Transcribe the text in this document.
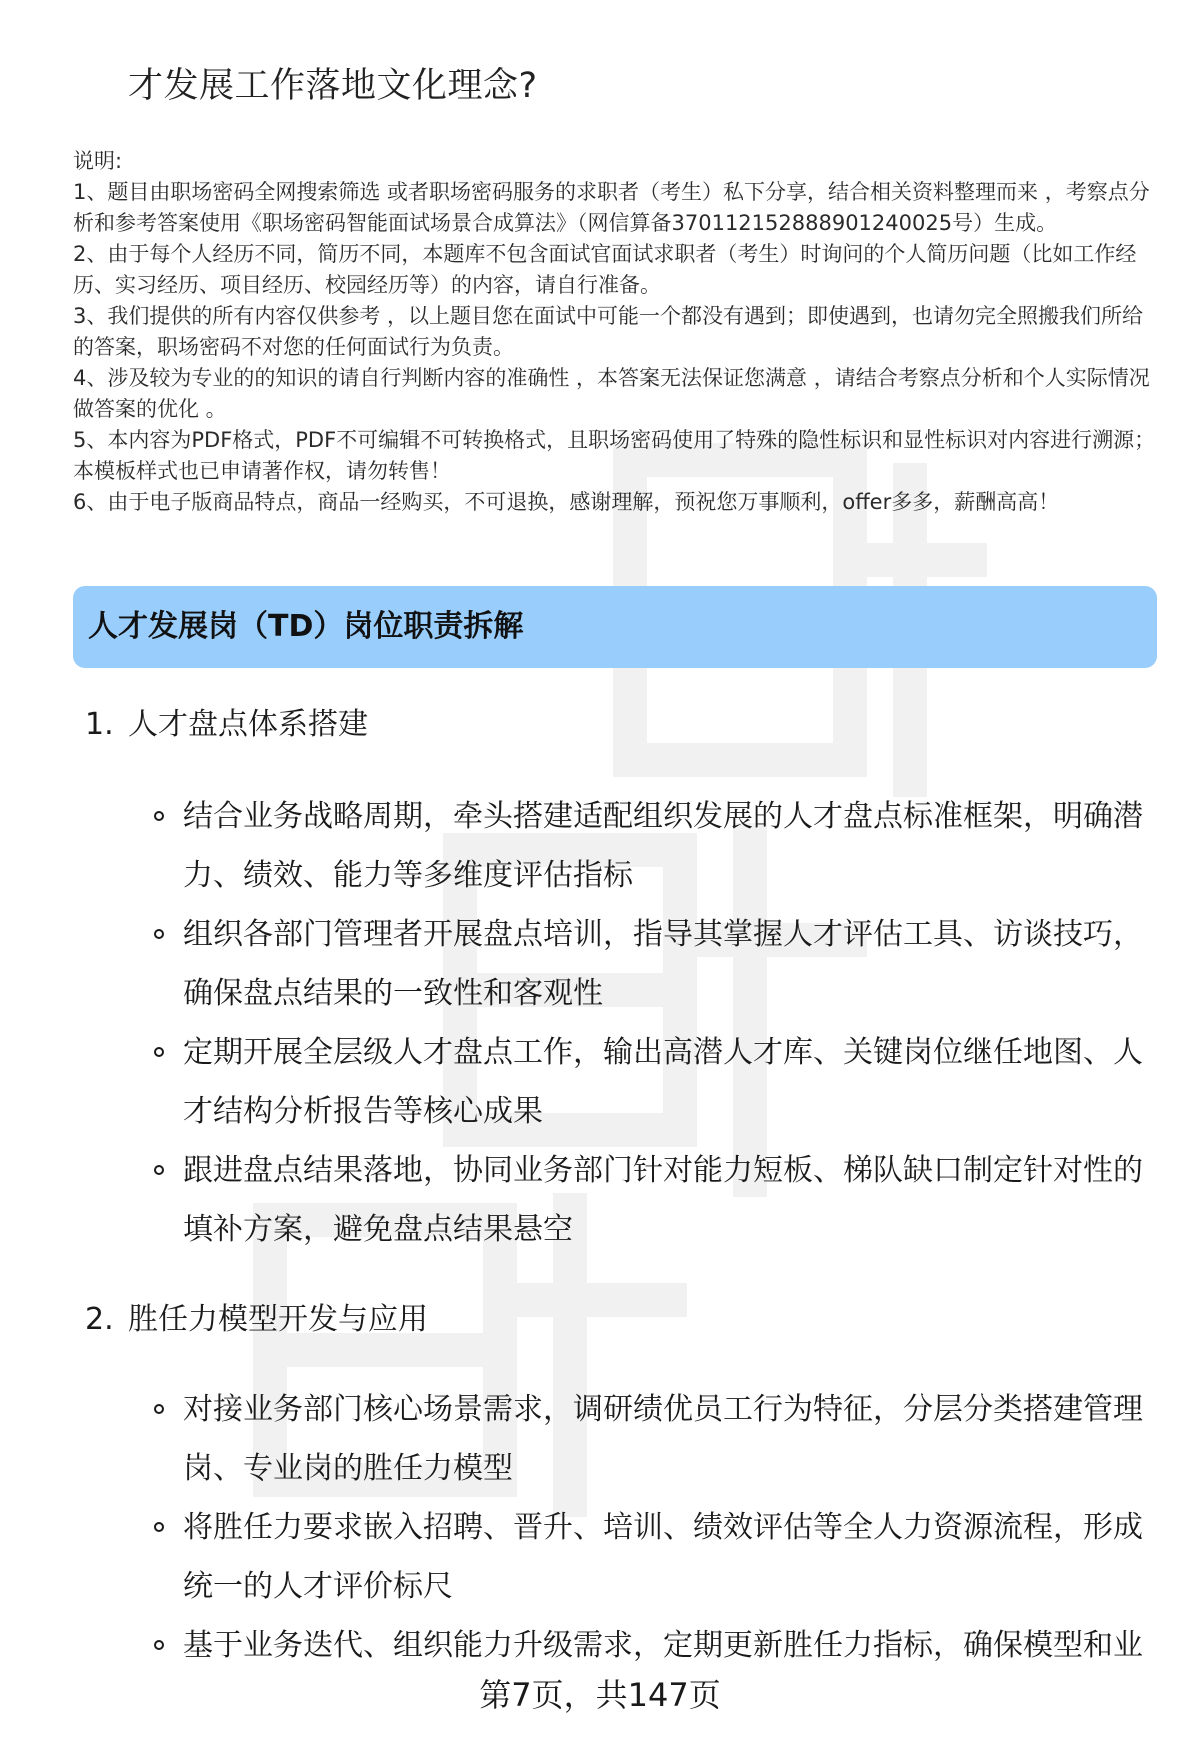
才发展工作落地文化理念?

说明:

1、题目由职场密码全网搜索筛选 或者职场密码服务的求职者（考生）私下分享，结合相关资料整理而来 ，考察点分析和参考答案使用《职场密码智能面试场景合成算法》（网信算备370112152888901240025号）生成。

2、由于每个人经历不同，简历不同，本题库不包含面试官面试求职者（考生）时询问的个人简历问题（比如工作经历、实习经历、项目经历、校园经历等）的内容，请自行准备。

3、我们提供的所有内容仅供参考 ，以上题目您在面试中可能一个都没有遇到；即使遇到，也请勿完全照搬我们所给的答案，职场密码不对您的任何面试行为负责。

4、涉及较为专业的的知识的请自行判断内容的准确性 ，本答案无法保证您满意 ，请结合考察点分析和个人实际情况做答案的优化 。

5、本内容为PDF格式，PDF不可编辑不可转换格式，且职场密码使用了特殊的隐性标识和显性标识对内容进行溯源；本模板样式也已申请著作权，请勿转售！

6、由于电子版商品特点，商品一经购买，不可退换，感谢理解，预祝您万事顺利，offer多多，薪酬高高！

人才发展岗（TD）岗位职责拆解
1. 人才盘点体系搭建
结合业务战略周期，牵头搭建适配组织发展的人才盘点标准框架，明确潜力、绩效、能力等多维度评估指标
组织各部门管理者开展盘点培训，指导其掌握人才评估工具、访谈技巧，确保盘点结果的一致性和客观性
定期开展全层级人才盘点工作，输出高潜人才库、关键岗位继任地图、人才结构分析报告等核心成果
跟进盘点结果落地，协同业务部门针对能力短板、梯队缺口制定针对性的填补方案，避免盘点结果悬空
2. 胜任力模型开发与应用
对接业务部门核心场景需求，调研绩优员工行为特征，分层分类搭建管理岗、专业岗的胜任力模型
将胜任力要求嵌入招聘、晋升、培训、绩效评估等全人力资源流程，形成统一的人才评价标尺
基于业务迭代、组织能力升级需求，定期更新胜任力指标，确保模型和业
第7页，共147页
